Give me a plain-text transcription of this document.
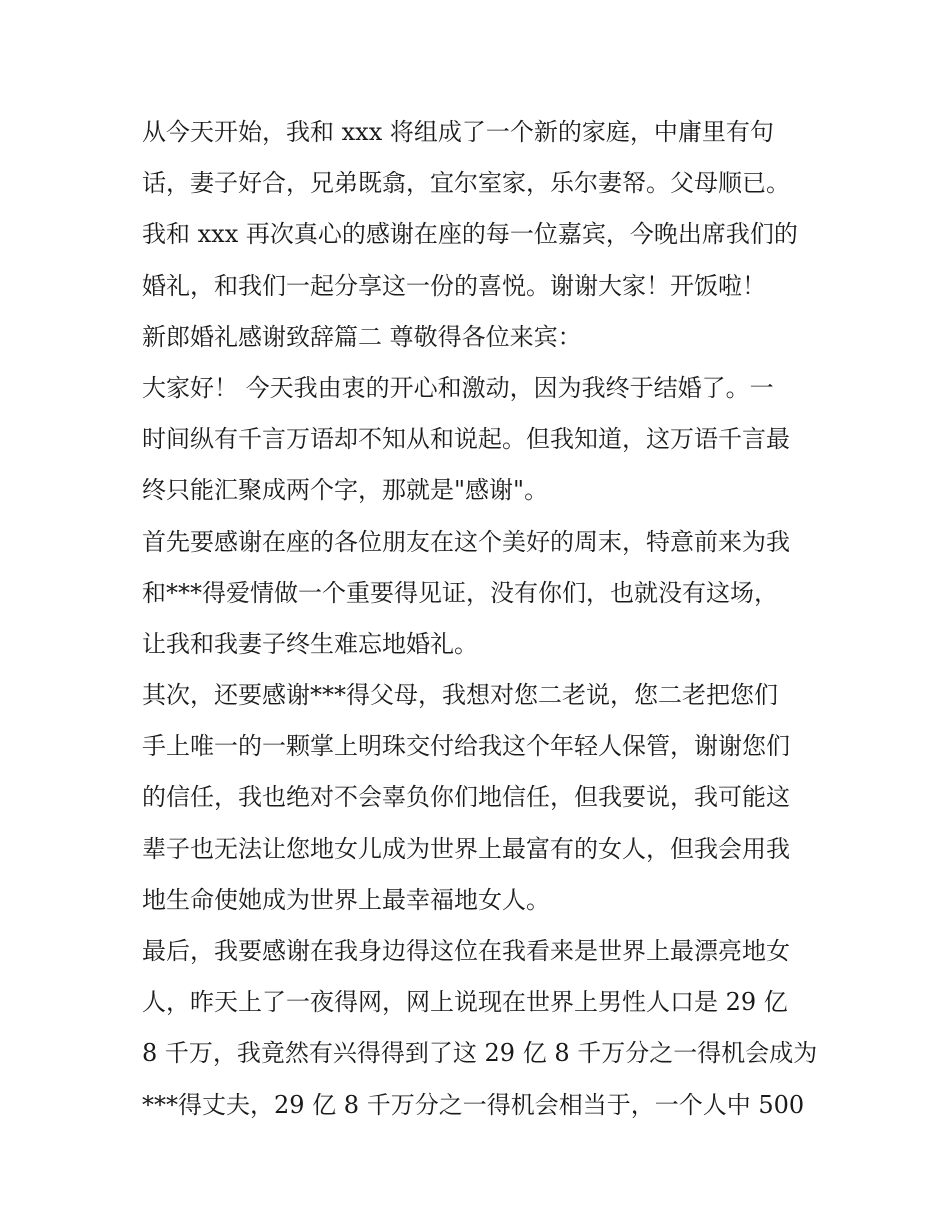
从今天开始，我和 xxx 将组成了一个新的家庭，中庸里有句
话，妻子好合，兄弟既翕，宜尔室家，乐尔妻帑。父母顺已。
我和 xxx 再次真心的感谢在座的每一位嘉宾，今晚出席我们的
婚礼，和我们一起分享这一份的喜悦。谢谢大家！开饭啦！
新郎婚礼感谢致辞篇二 尊敬得各位来宾：
大家好！ 今天我由衷的开心和激动，因为我终于结婚了。一
时间纵有千言万语却不知从和说起。但我知道，这万语千言最
终只能汇聚成两个字，那就是"感谢"。
首先要感谢在座的各位朋友在这个美好的周末，特意前来为我
和***得爱情做一个重要得见证，没有你们，也就没有这场，
让我和我妻子终生难忘地婚礼。
其次，还要感谢***得父母，我想对您二老说，您二老把您们
手上唯一的一颗掌上明珠交付给我这个年轻人保管，谢谢您们
的信任，我也绝对不会辜负你们地信任，但我要说，我可能这
辈子也无法让您地女儿成为世界上最富有的女人，但我会用我
地生命使她成为世界上最幸福地女人。
最后，我要感谢在我身边得这位在我看来是世界上最漂亮地女
人，昨天上了一夜得网，网上说现在世界上男性人口是 29 亿
8 千万，我竟然有兴得得到了这 29 亿 8 千万分之一得机会成为
***得丈夫，29 亿 8 千万分之一得机会相当于，一个人中 500
